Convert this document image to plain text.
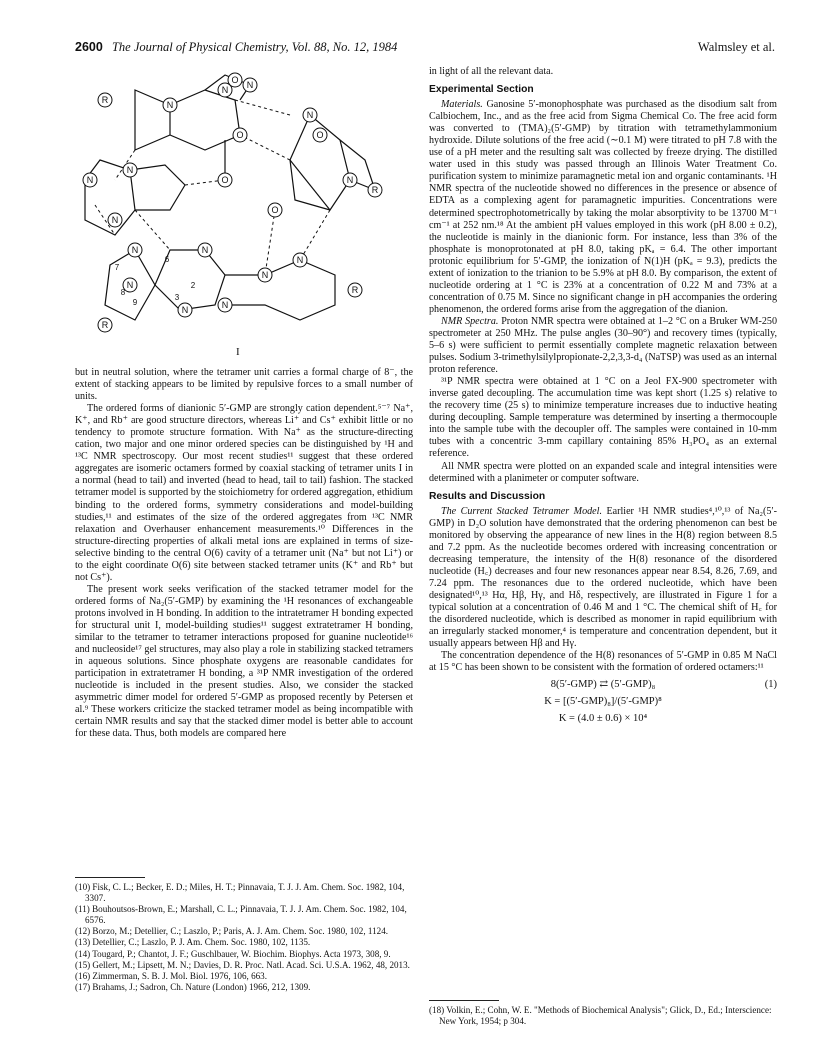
2600 The Journal of Physical Chemistry, Vol. 88, No. 12, 1984	Walmsley et al.
R	N
N N
O
O
N
O
N
N
N
N
N
O
O
N
N
N
N
N
N
R
R
R
6
7
8
9
3
2
I

but in neutral solution, where the tetramer unit carries a formal charge of 8⁻, the extent of stacking appears to be limited by repulsive forces to a small number of units.

The ordered forms of dianionic 5′-GMP are strongly cation dependent.⁵⁻⁷ Na⁺, K⁺, and Rb⁺ are good structure directors, whereas Li⁺ and Cs⁺ exhibit little or no tendency to promote structure formation. With Na⁺ as the structure-directing cation, two major and one minor ordered species can be distinguished by ¹H and ¹³C NMR spectroscopy. Our most recent studies¹¹ suggest that these ordered aggregates are isomeric octamers formed by coaxial stacking of tetramer units I in a normal (head to tail) and inverted (head to head, tail to tail) fashion. The stacked tetramer model is supported by the stoichiometry for ordered aggregation, ethidium binding to the ordered forms, symmetry considerations and model-building studies,¹¹ and estimates of the size of the ordered aggregates from ¹³C NMR relaxation and Overhauser enhancement measurements.¹⁰ Differences in the structure-directing properties of alkali metal ions are explained in terms of size-selective binding to the central O(6) cavity of a tetramer unit (Na⁺ but not Li⁺) or to the eight coordinate O(6) site between stacked tetramer units (K⁺ and Rb⁺ but not Cs⁺).

The present work seeks verification of the stacked tetramer model for the ordered forms of Na₂(5′-GMP) by examining the ¹H resonances of exchangeable protons involved in H bonding. In addition to the intratetramer H bonding expected for structural unit I, model-building studies¹¹ suggest extratetramer H bonding, similar to the tetramer to tetramer interactions proposed for guanine nucleotide¹⁶ and nucleoside¹⁷ gel structures, may also play a role in stabilizing stacked tetramers in aqueous solutions. Since phosphate oxygens are reasonable candidates for participation in extratetramer H bonding, a ³¹P NMR investigation of the ordered nucleotide is included in the present studies. Also, we consider the stacked asymmetric dimer model for ordered 5′-GMP as proposed recently by Petersen et al.⁹ These workers criticize the stacked tetramer model as being incompatible with certain NMR results and say that the stacked dimer model is better able to account for these data. Thus, both models are compared here

(10) Fisk, C. L.; Becker, E. D.; Miles, H. T.; Pinnavaia, T. J. J. Am. Chem. Soc. 1982, 104, 3307.
(11) Bouhoutsos-Brown, E.; Marshall, C. L.; Pinnavaia, T. J. J. Am. Chem. Soc. 1982, 104, 6576.
(12) Borzo, M.; Detellier, C.; Laszlo, P.; Paris, A. J. Am. Chem. Soc. 1980, 102, 1124.
(13) Detellier, C.; Laszlo, P. J. Am. Chem. Soc. 1980, 102, 1135.
(14) Tougard, P.; Chantot, J. F.; Guschlbauer, W. Biochim. Biophys. Acta 1973, 308, 9.
(15) Gellert, M.; Lipsett, M. N.; Davies, D. R. Proc. Natl. Acad. Sci. U.S.A. 1962, 48, 2013.
(16) Zimmerman, S. B. J. Mol. Biol. 1976, 106, 663.
(17) Brahams, J.; Sadron, Ch. Nature (London) 1966, 212, 1309.

in light of all the relevant data.

Experimental Section

Materials. Ganosine 5′-monophosphate was purchased as the disodium salt from Calbiochem, Inc., and as the free acid from Sigma Chemical Co. The free acid form was converted to (TMA)₂(5′-GMP) by titration with tetramethylammonium hydroxide. Dilute solutions of the free acid (∼0.1 M) were titrated to pH 7.8 with the use of a pH meter and the resulting salt was collected by freeze drying. The distilled water used in this study was passed through an Illinois Water Treatment Co. purification system to minimize paramagnetic metal ion and organic contaminants. ¹H NMR spectra of the nucleotide showed no differences in the presence or absence of EDTA as a complexing agent for paramagnetic impurities. Concentrations were determined spectrophotometrically by taking the molar absorptivity to be 13700 M⁻¹ cm⁻¹ at 252 nm.¹⁸ At the ambient pH values employed in this work (pH 8.00 ± 0.2), the nucleotide is mainly in the dianionic form. For instance, less than 3% of the phosphate is monoprotonated at pH 8.0, taking pKₐ = 6.4. The other important protonic equilibrium for 5′-GMP, the ionization of N(1)H (pKₐ = 9.3), predicts the extent of ionization to the trianion to be 5.9% at pH 8.0. By comparison, the extent of nucleotide ordering at 1 °C is 23% at a concentration of 0.22 M and 73% at a concentration of 0.75 M. Since no significant change in pH accompanies the ordering phenomenon, the ordered forms arise from the aggregation of the dianion.

NMR Spectra. Proton NMR spectra were obtained at 1–2 °C on a Bruker WM-250 spectrometer at 250 MHz. The pulse angles (30–90°) and recovery times (typically, 5–6 s) were sufficient to permit essentially complete magnetic relaxation between pulses. Sodium 3-trimethylsilylpropionate-2,2,3,3-d₄ (NaTSP) was used as an internal proton reference.

³¹P NMR spectra were obtained at 1 °C on a Jeol FX-900 spectrometer with inverse gated decoupling. The accumulation time was kept short (1.25 s) relative to the recovery time (25 s) to minimize temperature increases due to inductive heating during decoupling. Sample temperature was determined by inserting a thermocouple into the sample tube with the decoupler off. The samples were contained in 10-mm tubes with a concentric 3-mm capillary containing 85% H₃PO₄ as an external reference.

All NMR spectra were plotted on an expanded scale and integral intensities were determined with a planimeter or computer software.

Results and Discussion

The Current Stacked Tetramer Model. Earlier ¹H NMR studies⁴,¹⁰,¹³ of Na₂(5′-GMP) in D₂O solution have demonstrated that the ordering phenomenon can best be monitored by observing the appearance of new lines in the H(8) region between 8.5 and 7.2 ppm. As the nucleotide becomes ordered with increasing concentration or decreasing temperature, the intensity of the H(8) resonance of the disordered nucleotide (H꜀) decreases and four new resonances appear near 8.54, 8.26, 7.69, and 7.24 ppm. The resonances due to the ordered nucleotide, which have been designated¹⁰,¹³ Hα, Hβ, Hγ, and Hδ, respectively, are illustrated in Figure 1 for a typical solution at a concentration of 0.46 M and 1 °C. The chemical shift of H꜀ for the disordered nucleotide, which is described as monomer in rapid equilibrium with an irregularly stacked monomer,⁴ is temperature and concentration dependent, but it usually appears between Hβ and Hγ.

The concentration dependence of the H(8) resonances of 5′-GMP in 0.85 M NaCl at 15 °C has been shown to be consistent with the formation of ordered octamers:¹¹

8(5′-GMP) ⇄ (5′-GMP)₈	(1)
K = [(5′-GMP)₈]/(5′-GMP)⁸
K = (4.0 ± 0.6) × 10⁴
(18) Volkin, E.; Cohn, W. E. "Methods of Biochemical Analysis"; Glick, D., Ed.; Interscience: New York, 1954; p 304.
